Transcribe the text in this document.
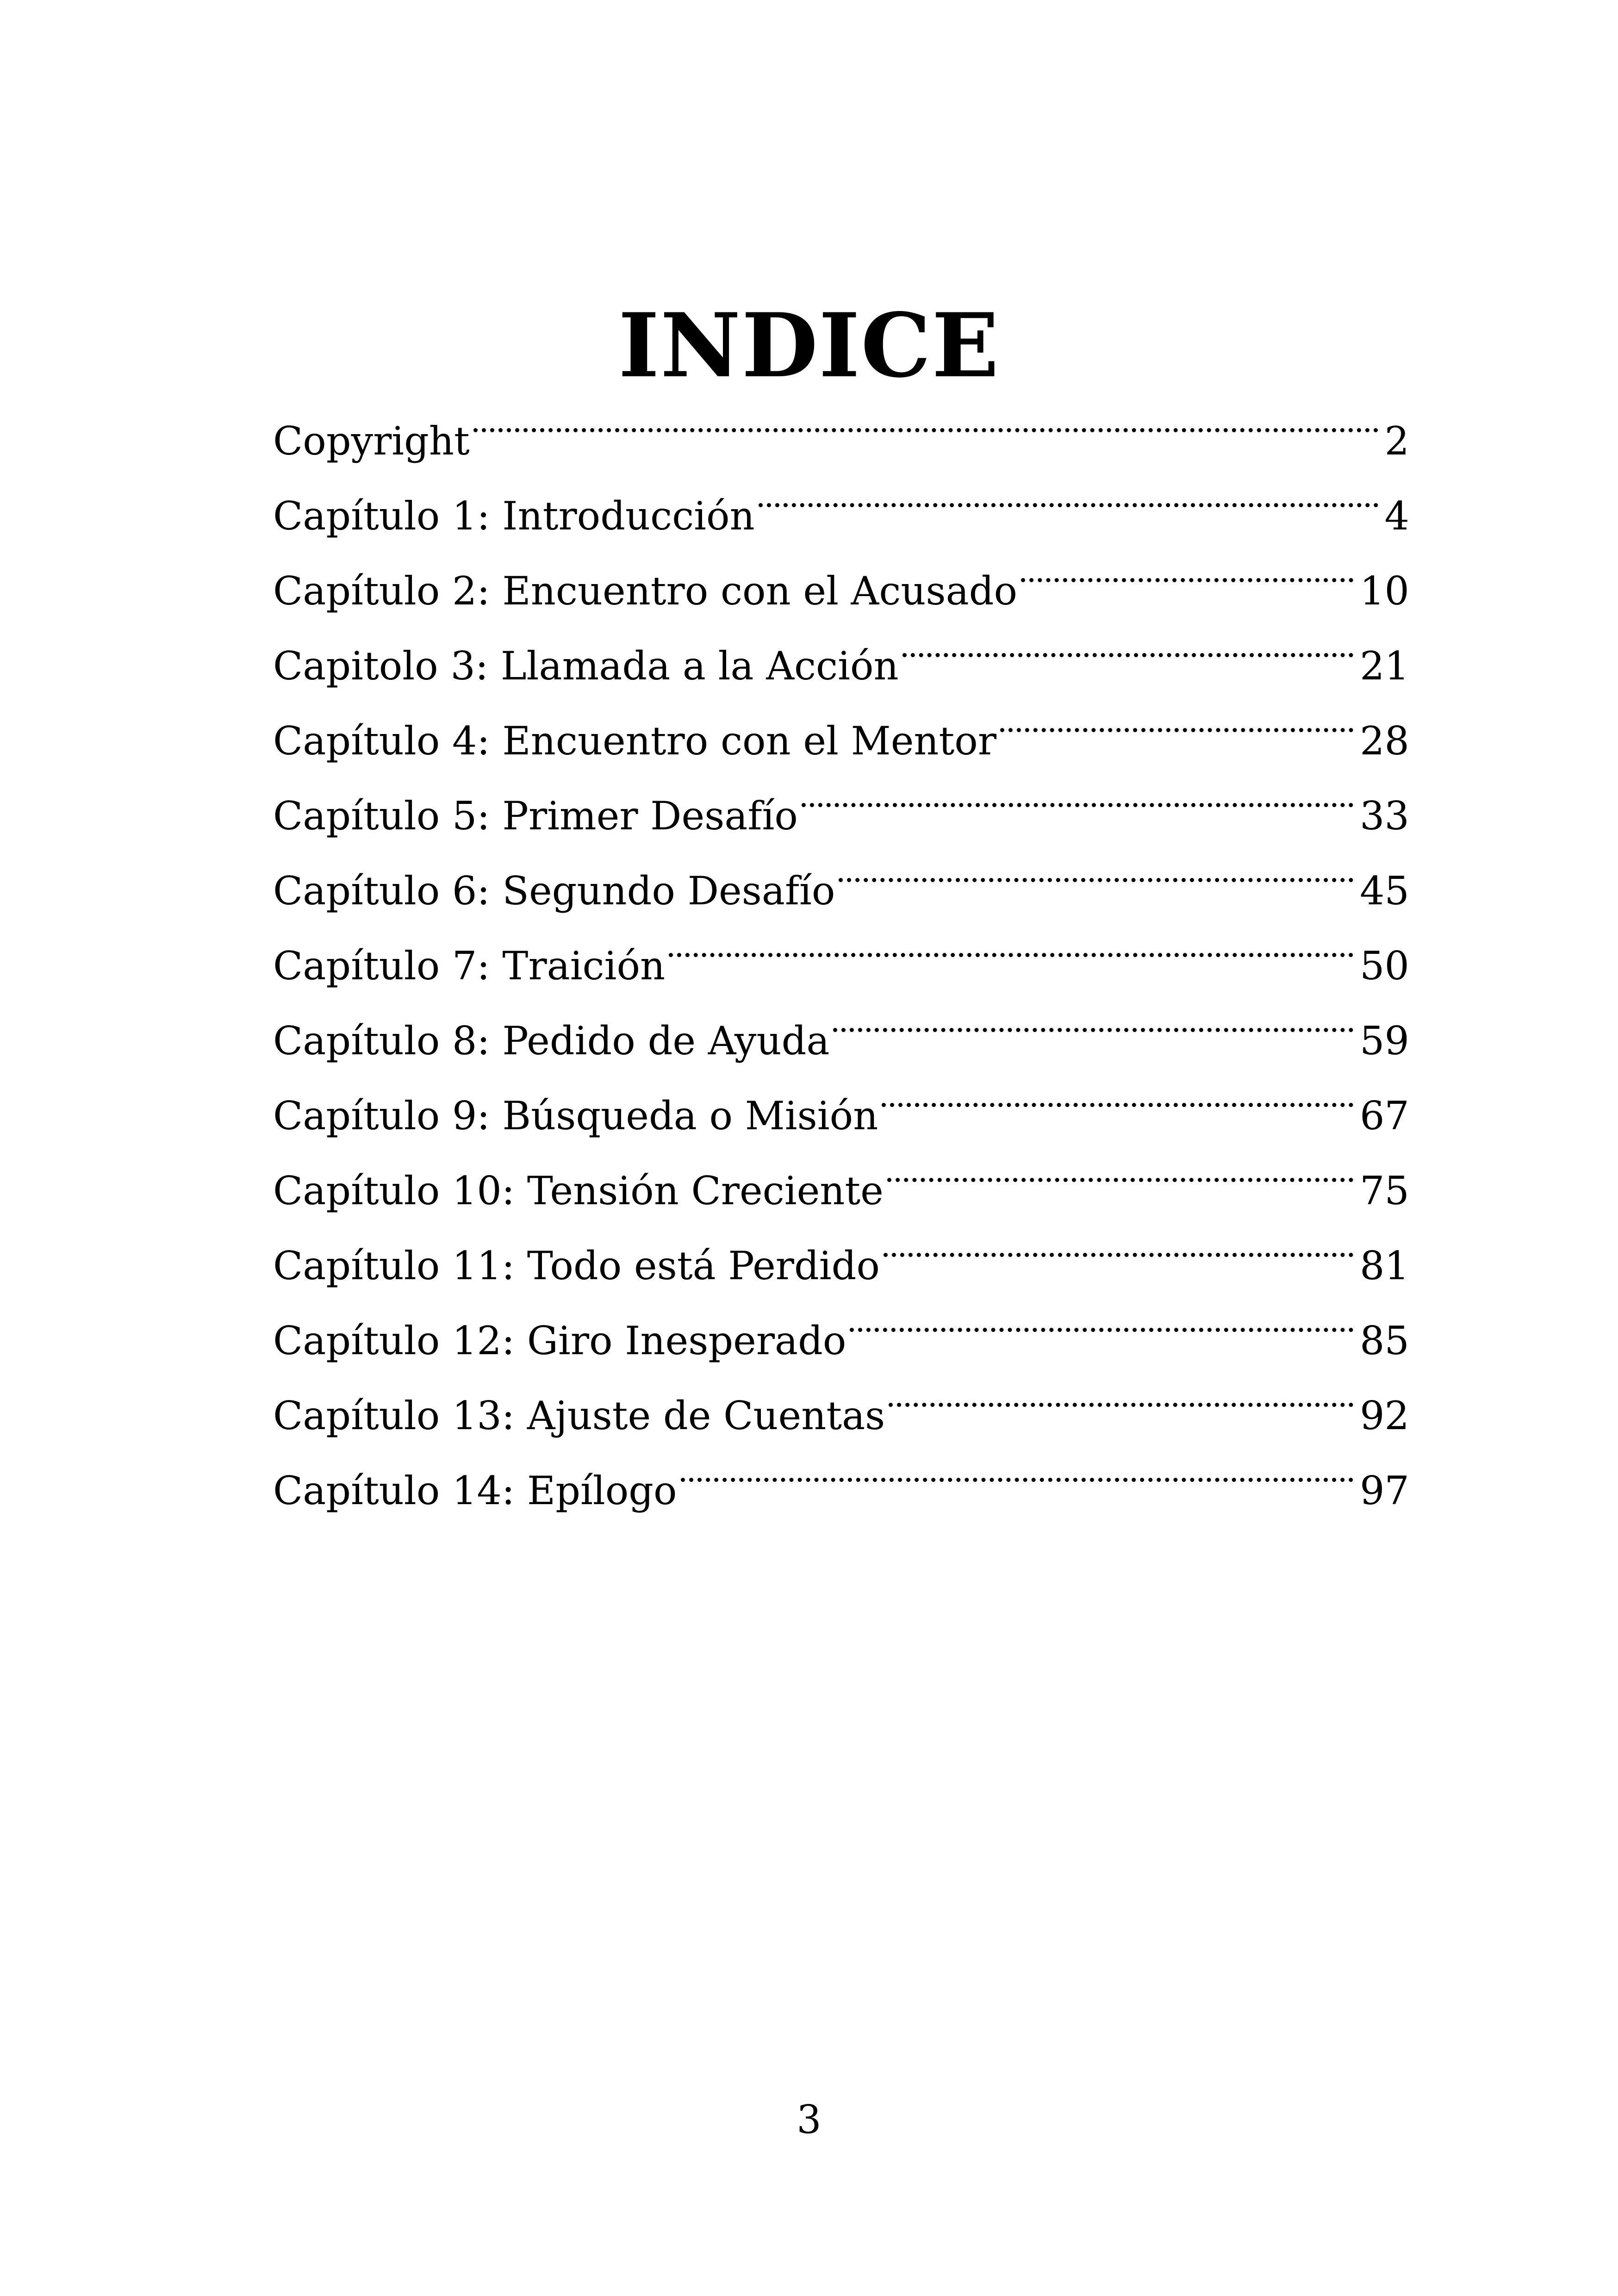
INDICE
Copyright	2
Capítulo 1: Introducción	4
Capítulo 2: Encuentro con el Acusado	10
Capitolo 3: Llamada a la Acción	21
Capítulo 4: Encuentro con el Mentor	28
Capítulo 5: Primer Desafío	33
Capítulo 6: Segundo Desafío	45
Capítulo 7: Traición	50
Capítulo 8: Pedido de Ayuda	59
Capítulo 9: Búsqueda o Misión	67
Capítulo 10: Tensión Creciente	75
Capítulo 11: Todo está Perdido	81
Capítulo 12: Giro Inesperado	85
Capítulo 13: Ajuste de Cuentas	92
Capítulo 14: Epílogo	97
3
